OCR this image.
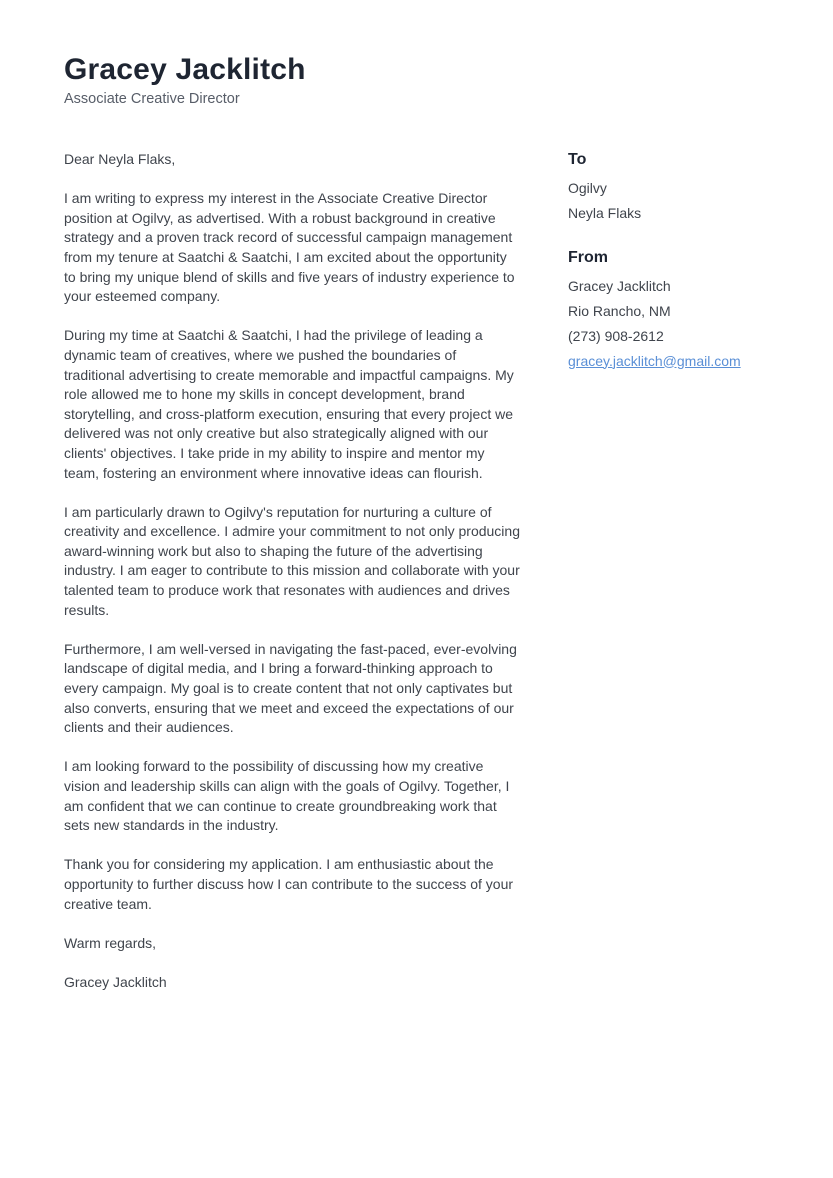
Gracey Jacklitch
Associate Creative Director

Dear Neyla Flaks,

I am writing to express my interest in the Associate Creative Director position at Ogilvy, as advertised. With a robust background in creative strategy and a proven track record of successful campaign management from my tenure at Saatchi & Saatchi, I am excited about the opportunity to bring my unique blend of skills and five years of industry experience to your esteemed company.

During my time at Saatchi & Saatchi, I had the privilege of leading a dynamic team of creatives, where we pushed the boundaries of traditional advertising to create memorable and impactful campaigns. My role allowed me to hone my skills in concept development, brand storytelling, and cross-platform execution, ensuring that every project we delivered was not only creative but also strategically aligned with our clients' objectives. I take pride in my ability to inspire and mentor my team, fostering an environment where innovative ideas can flourish.

I am particularly drawn to Ogilvy's reputation for nurturing a culture of creativity and excellence. I admire your commitment to not only producing award-winning work but also to shaping the future of the advertising industry. I am eager to contribute to this mission and collaborate with your talented team to produce work that resonates with audiences and drives results.

Furthermore, I am well-versed in navigating the fast-paced, ever-evolving landscape of digital media, and I bring a forward-thinking approach to every campaign. My goal is to create content that not only captivates but also converts, ensuring that we meet and exceed the expectations of our clients and their audiences.

I am looking forward to the possibility of discussing how my creative vision and leadership skills can align with the goals of Ogilvy. Together, I am confident that we can continue to create groundbreaking work that sets new standards in the industry.

Thank you for considering my application. I am enthusiastic about the opportunity to further discuss how I can contribute to the success of your creative team.

Warm regards,

Gracey Jacklitch

To
Ogilvy
Neyla Flaks
From
Gracey Jacklitch
Rio Rancho, NM
(273) 908-2612
gracey.jacklitch@gmail.com
